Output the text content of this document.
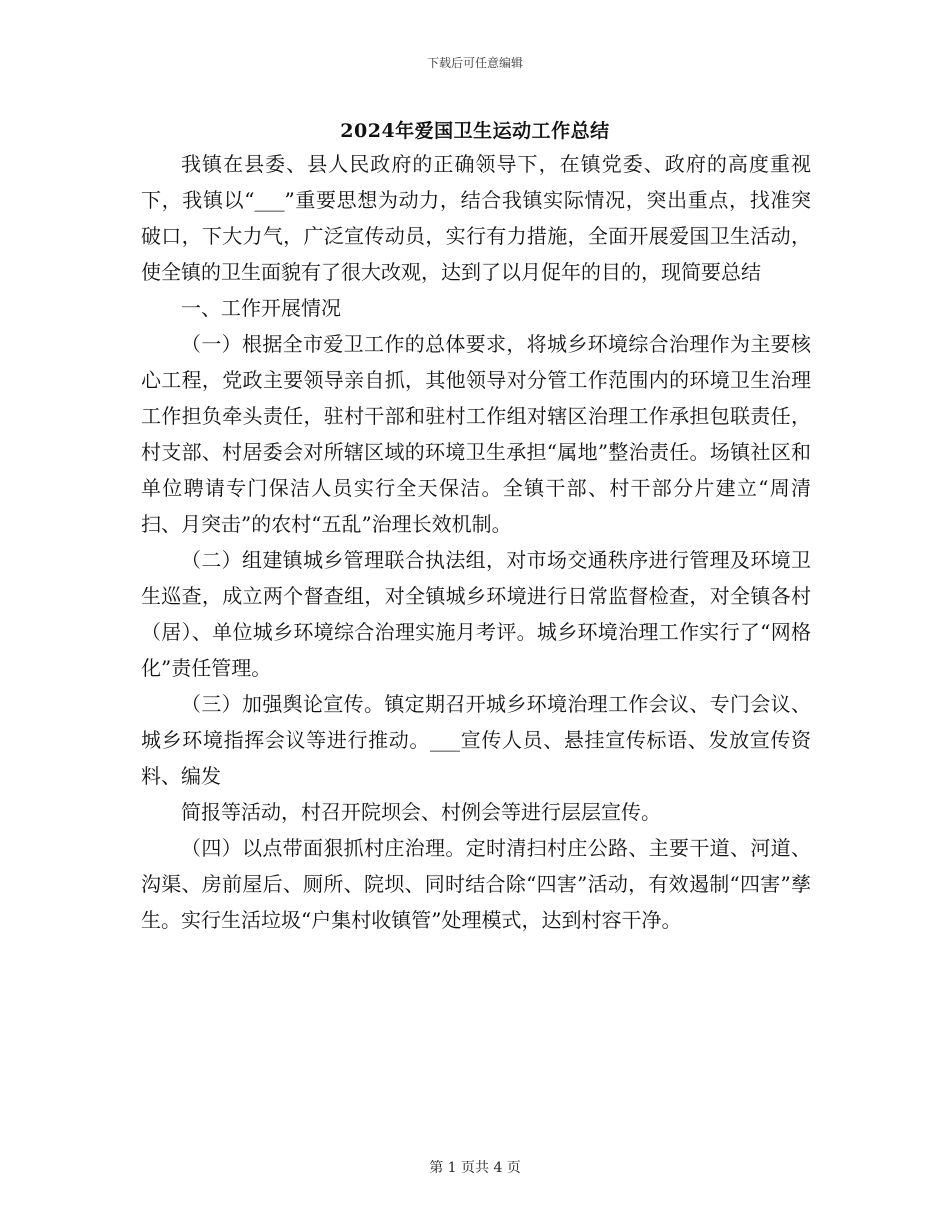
下载后可任意编辑
2024年爱国卫生运动工作总结

我镇在县委、县人民政府的正确领导下，在镇党委、政府的高度重视下，我镇以“___”重要思想为动力，结合我镇实际情况，突出重点，找准突破口，下大力气，广泛宣传动员，实行有力措施，全面开展爱国卫生活动，使全镇的卫生面貌有了很大改观，达到了以月促年的目的，现简要总结

一、工作开展情况

（一）根据全市爱卫工作的总体要求，将城乡环境综合治理作为主要核心工程，党政主要领导亲自抓，其他领导对分管工作范围内的环境卫生治理工作担负牵头责任，驻村干部和驻村工作组对辖区治理工作承担包联责任，村支部、村居委会对所辖区域的环境卫生承担“属地”整治责任。场镇社区和单位聘请专门保洁人员实行全天保洁。全镇干部、村干部分片建立“周清扫、月突击”的农村“五乱”治理长效机制。

（二）组建镇城乡管理联合执法组，对市场交通秩序进行管理及环境卫生巡查，成立两个督查组，对全镇城乡环境进行日常监督检查，对全镇各村（居）、单位城乡环境综合治理实施月考评。城乡环境治理工作实行了“网格化”责任管理。

（三）加强舆论宣传。镇定期召开城乡环境治理工作会议、专门会议、城乡环境指挥会议等进行推动。___宣传人员、悬挂宣传标语、发放宣传资料、编发

简报等活动，村召开院坝会、村例会等进行层层宣传。

（四）以点带面狠抓村庄治理。定时清扫村庄公路、主要干道、河道、沟渠、房前屋后、厕所、院坝、同时结合除“四害”活动，有效遏制“四害”孳生。实行生活垃圾“户集村收镇管”处理模式，达到村容干净。

第 1 页共 4 页
